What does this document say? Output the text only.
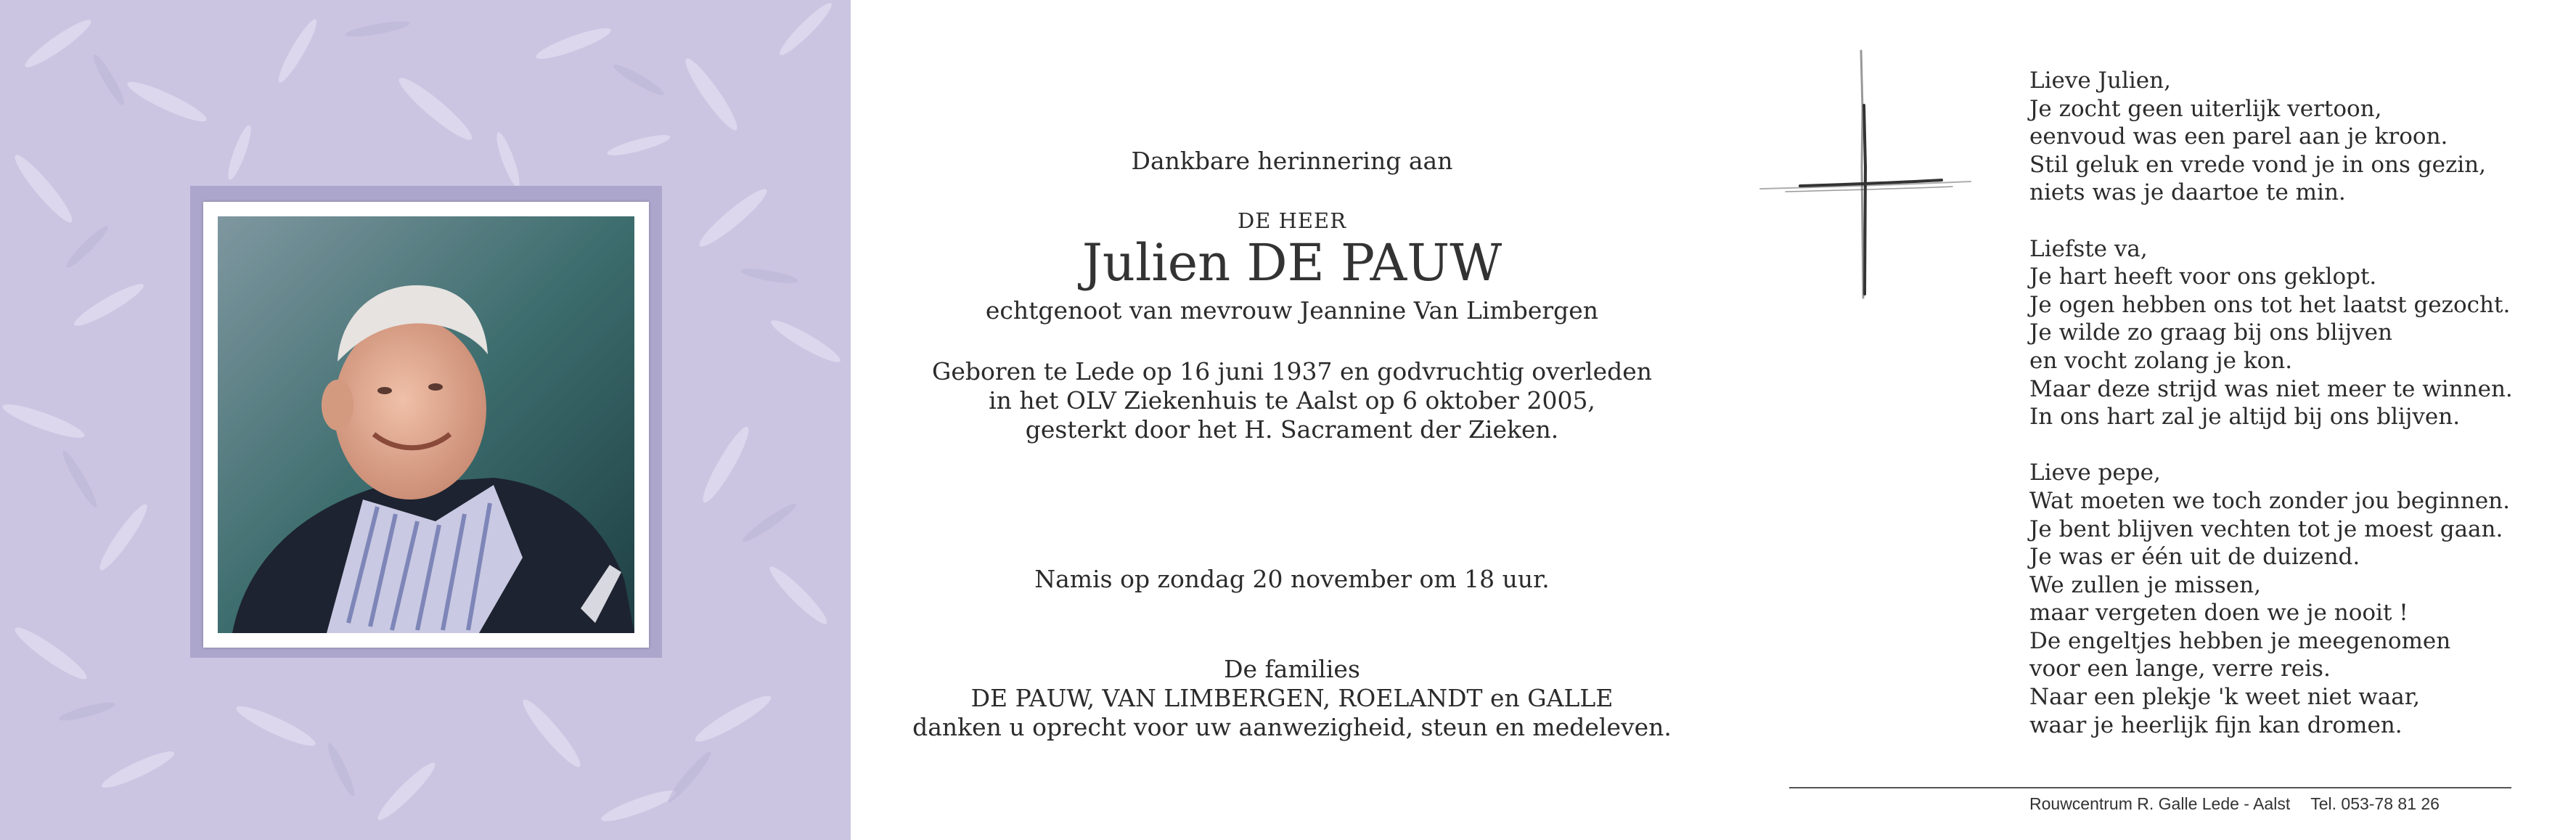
Dankbare herinnering aan
DE HEER
Julien DE PAUW
echtgenoot van mevrouw Jeannine Van Limbergen
Geboren te Lede op 16 juni 1937 en godvruchtig overleden
in het OLV Ziekenhuis te Aalst op 6 oktober 2005,
gesterkt door het H. Sacrament der Zieken.
Namis op zondag 20 november om 18 uur.
De families
DE PAUW, VAN LIMBERGEN, ROELANDT en GALLE
danken u oprecht voor uw aanwezigheid, steun en medeleven.
Lieve Julien,
Je zocht geen uiterlijk vertoon,
eenvoud was een parel aan je kroon.
Stil geluk en vrede vond je in ons gezin,
niets was je daartoe te min.
Liefste va,
Je hart heeft voor ons geklopt.
Je ogen hebben ons tot het laatst gezocht.
Je wilde zo graag bij ons blijven
en vocht zolang je kon.
Maar deze strijd was niet meer te winnen.
In ons hart zal je altijd bij ons blijven.
Lieve pepe,
Wat moeten we toch zonder jou beginnen.
Je bent blijven vechten tot je moest gaan.
Je was er één uit de duizend.
We zullen je missen,
maar vergeten doen we je nooit !
De engeltjes hebben je meegenomen
voor een lange, verre reis.
Naar een plekje 'k weet niet waar,
waar je heerlijk fijn kan dromen.
Rouwcentrum R. Galle Lede - Aalst Tel. 053-78 81 26
